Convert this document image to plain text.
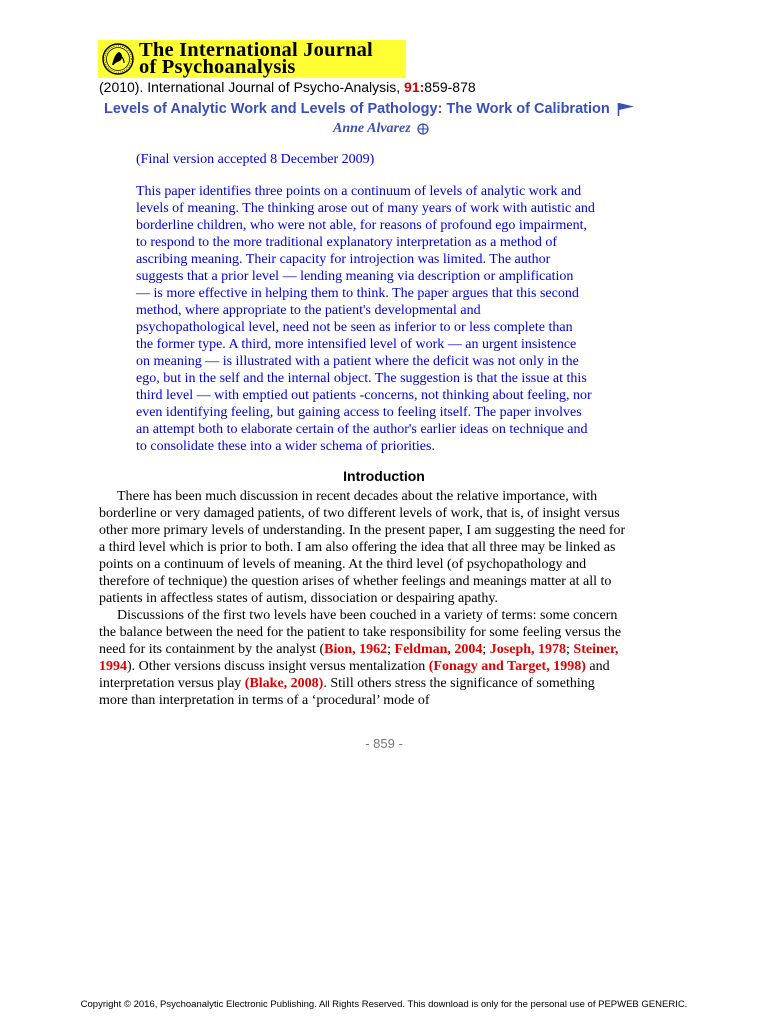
The International Journal
of Psychoanalysis
(2010). International Journal of Psycho-Analysis, 91:859-878
Levels of Analytic Work and Levels of Pathology: The Work of Calibration
Anne Alvarez
(Final version accepted 8 December 2009)
This paper identifies three points on a continuum of levels of analytic work and
levels of meaning. The thinking arose out of many years of work with autistic and
borderline children, who were not able, for reasons of profound ego impairment,
to respond to the more traditional explanatory interpretation as a method of
ascribing meaning. Their capacity for introjection was limited. The author
suggests that a prior level — lending meaning via description or amplification
— is more effective in helping them to think. The paper argues that this second
method, where appropriate to the patient's developmental and
psychopathological level, need not be seen as inferior to or less complete than
the former type. A third, more intensified level of work — an urgent insistence
on meaning — is illustrated with a patient where the deficit was not only in the
ego, but in the self and the internal object. The suggestion is that the issue at this
third level — with emptied out patients -concerns, not thinking about feeling, nor
even identifying feeling, but gaining access to feeling itself. The paper involves
an attempt both to elaborate certain of the author's earlier ideas on technique and
to consolidate these into a wider schema of priorities.
Introduction
There has been much discussion in recent decades about the relative importance, with
borderline or very damaged patients, of two different levels of work, that is, of insight versus
other more primary levels of understanding. In the present paper, I am suggesting the need for
a third level which is prior to both. I am also offering the idea that all three may be linked as
points on a continuum of levels of meaning. At the third level (of psychopathology and
therefore of technique) the question arises of whether feelings and meanings matter at all to
patients in affectless states of autism, dissociation or despairing apathy.
Discussions of the first two levels have been couched in a variety of terms: some concern
the balance between the need for the patient to take responsibility for some feeling versus the
need for its containment by the analyst (Bion, 1962; Feldman, 2004; Joseph, 1978; Steiner,
1994). Other versions discuss insight versus mentalization (Fonagy and Target, 1998) and
interpretation versus play (Blake, 2008). Still others stress the significance of something
more than interpretation in terms of a ‘procedural’ mode of
- 859 -
Copyright © 2016, Psychoanalytic Electronic Publishing. All Rights Reserved. This download is only for the personal use of PEPWEB GENERIC.
